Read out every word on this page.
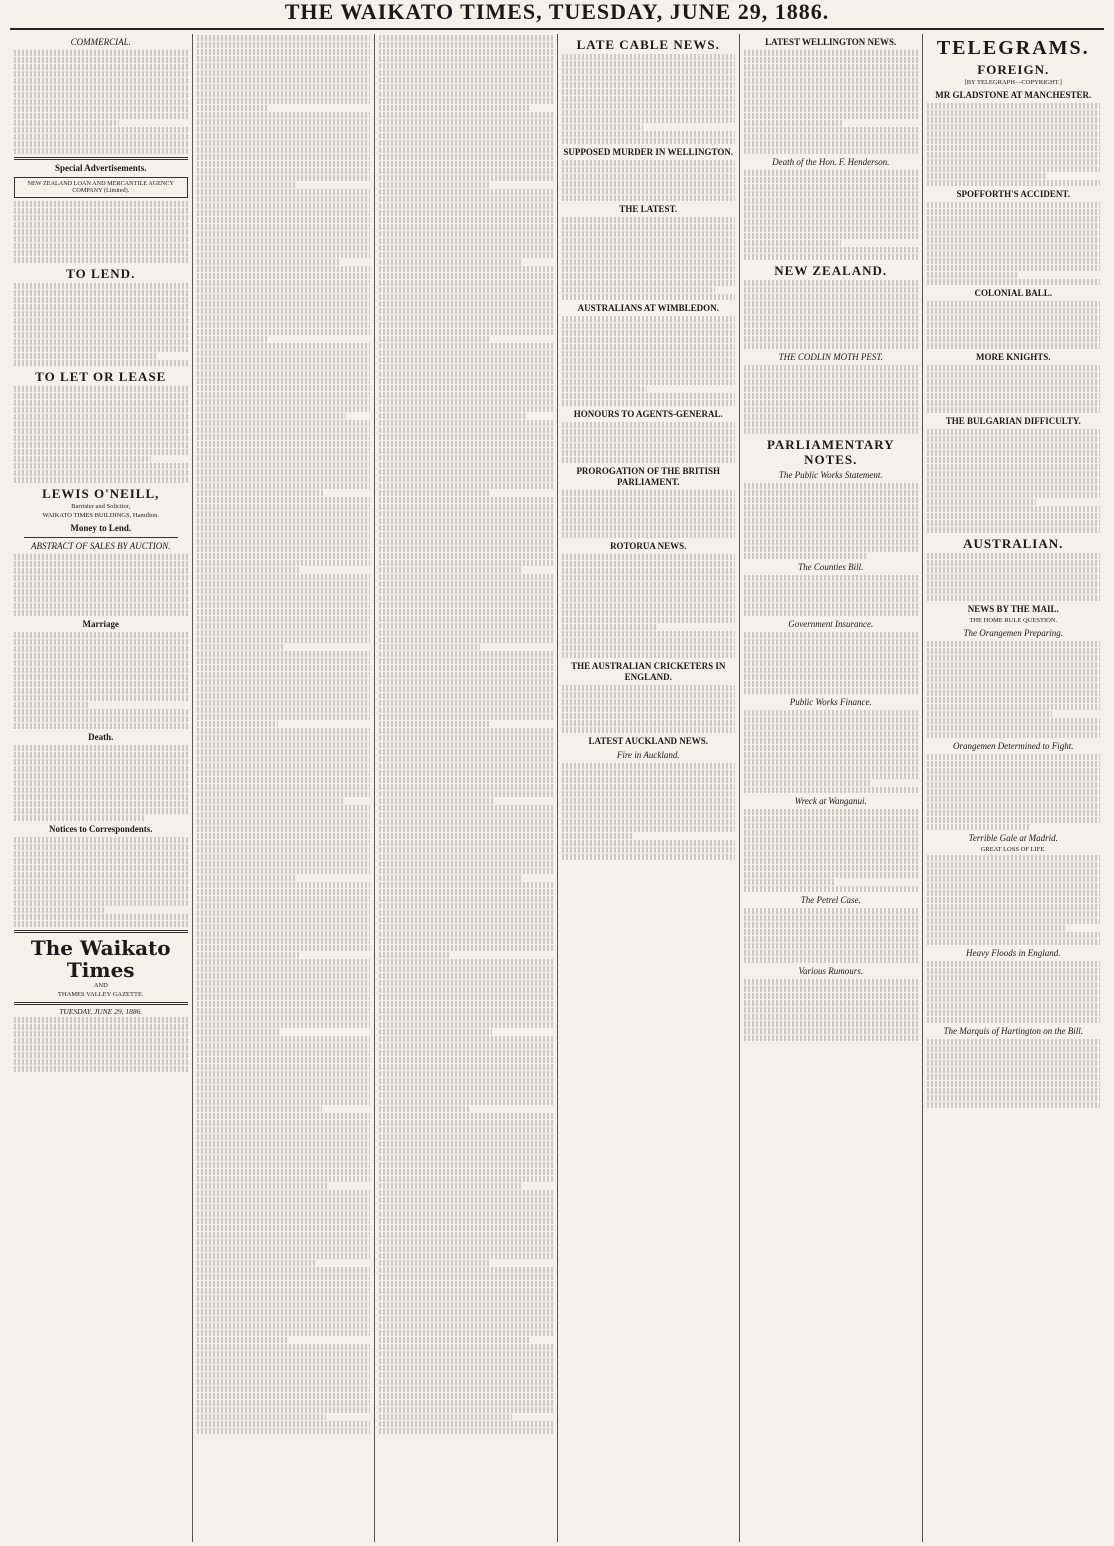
THE WAIKATO TIMES, TUESDAY, JUNE 29, 1886.
COMMERCIAL.
Special Advertisements.
NEW ZEALAND LOAN AND MERCANTILE AGENCY COMPANY (Limited).
TO LEND.
TO LET OR LEASE
LEWIS O'NEILL,
Barrister and Solicitor,
WAIKATO TIMES BUILDINGS, Hamilton.
Money to Lend.
ABSTRACT OF SALES BY AUCTION.
Marriage
Death.
Notices to Correspondents.
The Waikato Times
AND
THAMES VALLEY GAZETTE.
TUESDAY, JUNE 29, 1886.
LATE CABLE NEWS.
SUPPOSED MURDER IN WELLINGTON.
THE LATEST.
AUSTRALIANS AT WIMBLEDON.
HONOURS TO AGENTS-GENERAL.
PROROGATION OF THE BRITISH PARLIAMENT.
ROTORUA NEWS.
THE AUSTRALIAN CRICKETERS IN ENGLAND.
LATEST AUCKLAND NEWS.
Fire in Auckland.
LATEST WELLINGTON NEWS.
Death of the Hon. F. Henderson.
NEW ZEALAND.
THE CODLIN MOTH PEST.
PARLIAMENTARY NOTES.
The Public Works Statement.
The Counties Bill.
Government Insurance.
Public Works Finance.
Wreck at Wanganui.
The Petrel Case.
Various Rumours.
TELEGRAMS.
FOREIGN.
[BY TELEGRAPH—COPYRIGHT.]
MR GLADSTONE AT MANCHESTER.
SPOFFORTH'S ACCIDENT.
COLONIAL BALL.
MORE KNIGHTS.
THE BULGARIAN DIFFICULTY.
AUSTRALIAN.
NEWS BY THE MAIL.
THE HOME RULE QUESTION.
The Orangemen Preparing.
Orangemen Determined to Fight.
Terrible Gale at Madrid.
GREAT LOSS OF LIFE.
Heavy Floods in England.
The Marquis of Hartington on the Bill.
